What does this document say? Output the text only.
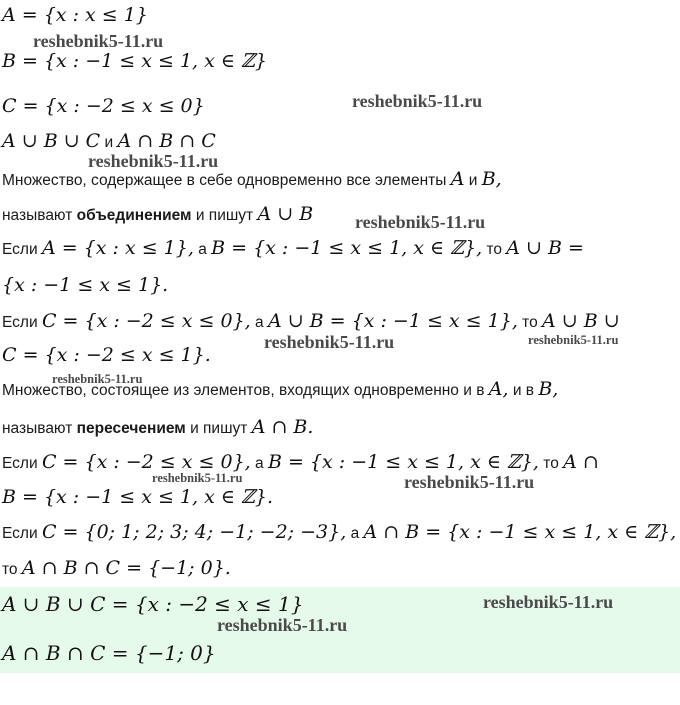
A = {x : x ≤ 1}
B = {x : −1 ≤ x ≤ 1, x ∈ ℤ}
C = {x : −2 ≤ x ≤ 0}
A ∪ B ∪ C и A ∩ B ∩ C
Множество, содержащее в себе одновременно все элементы A и B,
называют объединением и пишут A ∪ B
Если A = {x : x ≤ 1}, а B = {x : −1 ≤ x ≤ 1, x ∈ ℤ}, то A ∪ B =
{x : −1 ≤ x ≤ 1}.
Если C = {x : −2 ≤ x ≤ 0}, а A ∪ B = {x : −1 ≤ x ≤ 1}, то A ∪ B ∪
C = {x : −2 ≤ x ≤ 1}.
Множество, состоящее из элементов, входящих одновременно и в A, и в B,
называют пересечением и пишут A ∩ B.
Если C = {x : −2 ≤ x ≤ 0}, а B = {x : −1 ≤ x ≤ 1, x ∈ ℤ}, то A ∩
B = {x : −1 ≤ x ≤ 1, x ∈ ℤ}.
Если C = {0; 1; 2; 3; 4; −1; −2; −3}, а A ∩ B = {x : −1 ≤ x ≤ 1, x ∈ ℤ},
то A ∩ B ∩ C = {−1; 0}.
A ∪ B ∪ C = {x : −2 ≤ x ≤ 1}
A ∩ B ∩ C = {−1; 0}
reshebnik5-11.ru
reshebnik5-11.ru
reshebnik5-11.ru
reshebnik5-11.ru
reshebnik5-11.ru	reshebnik5-11.ru
reshebnik5-11.ru
reshebnik5-11.ru	reshebnik5-11.ru
reshebnik5-11.ru
reshebnik5-11.ru
